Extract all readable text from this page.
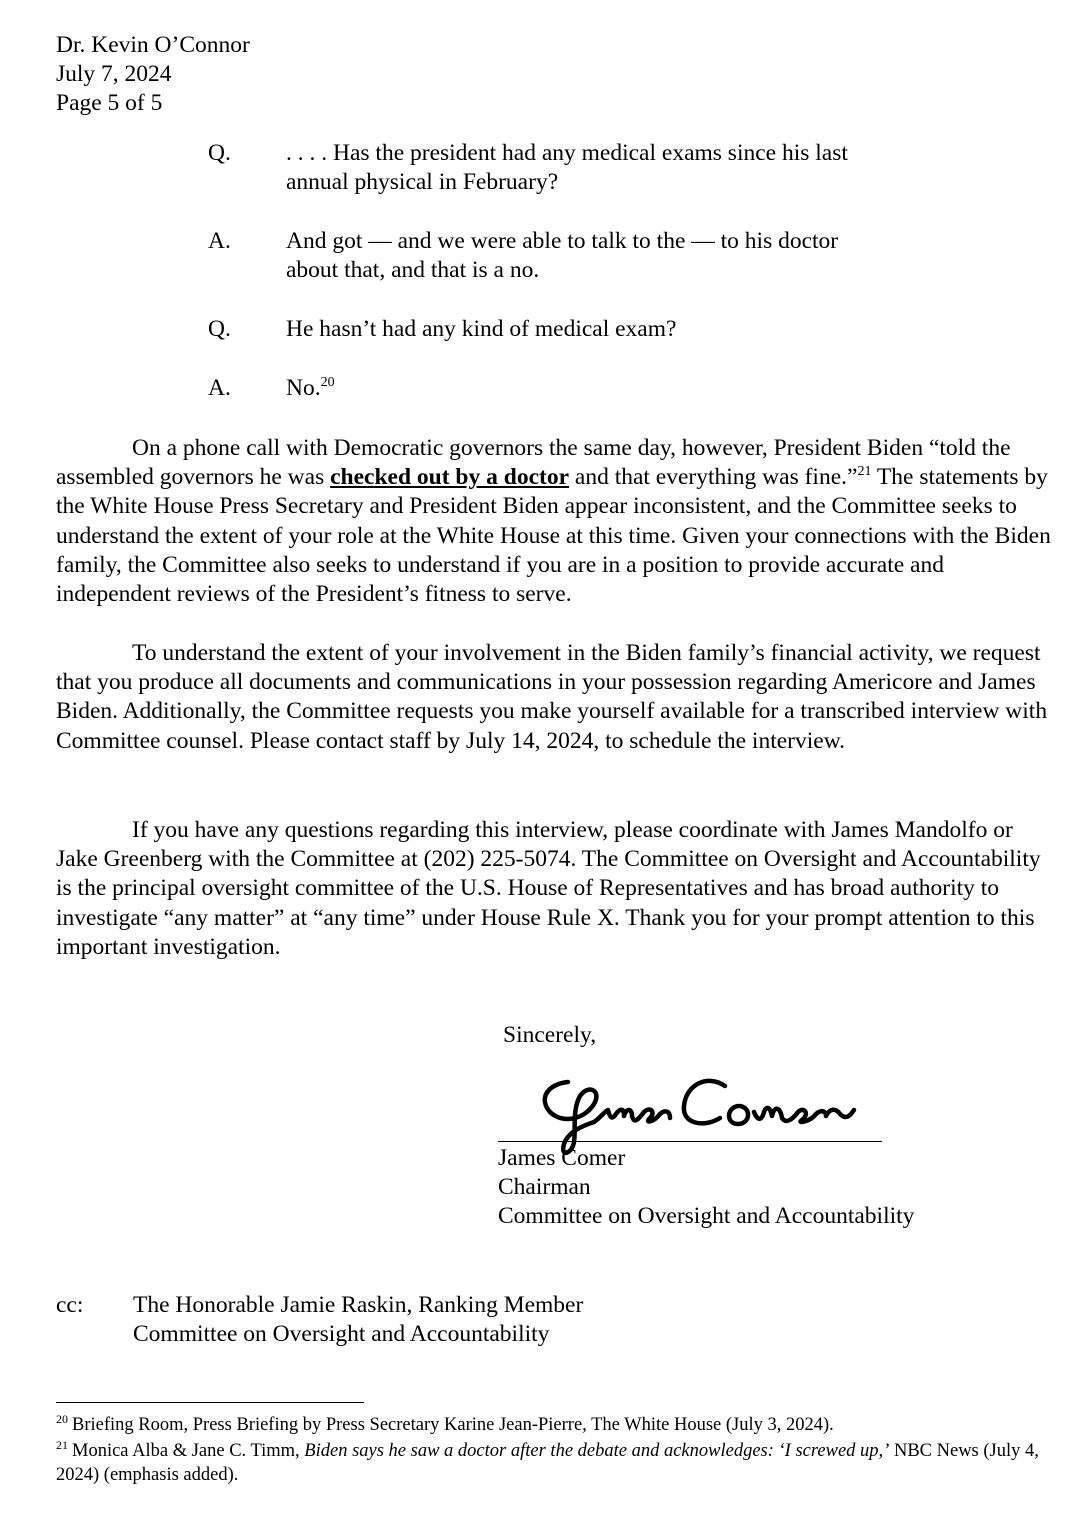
Dr. Kevin O’Connor
July 7, 2024
Page 5 of 5
Q. . . . . Has the president had any medical exams since his last
annual physical in February?
A. And got — and we were able to talk to the — to his doctor
about that, and that is a no.
Q. He hasn’t had any kind of medical exam?
A. No.$^{20}$
On a phone call with Democratic governors the same day, however, President Biden “told the assembled governors he was checked out by a doctor and that everything was fine.”$^{21}$ The statements by the White House Press Secretary and President Biden appear inconsistent, and the Committee seeks to understand the extent of your role at the White House at this time. Given your connections with the Biden family, the Committee also seeks to understand if you are in a position to provide accurate and independent reviews of the President’s fitness to serve.
To understand the extent of your involvement in the Biden family’s financial activity, we request that you produce all documents and communications in your possession regarding Americore and James Biden. Additionally, the Committee requests you make yourself available for a transcribed interview with Committee counsel. Please contact staff by July 14, 2024, to schedule the interview.
If you have any questions regarding this interview, please coordinate with James Mandolfo or Jake Greenberg with the Committee at (202) 225-5074. The Committee on Oversight and Accountability is the principal oversight committee of the U.S. House of Representatives and has broad authority to investigate “any matter” at “any time” under House Rule X. Thank you for your prompt attention to this important investigation.
Sincerely,
James Comer
Chairman
Committee on Oversight and Accountability
cc: The Honorable Jamie Raskin, Ranking Member
Committee on Oversight and Accountability
$^{20}$ Briefing Room, Press Briefing by Press Secretary Karine Jean-Pierre, The White House (July 3, 2024).
$^{21}$ Monica Alba & Jane C. Timm, Biden says he saw a doctor after the debate and acknowledges: ‘I screwed up,’ NBC News (July 4, 2024) (emphasis added).
